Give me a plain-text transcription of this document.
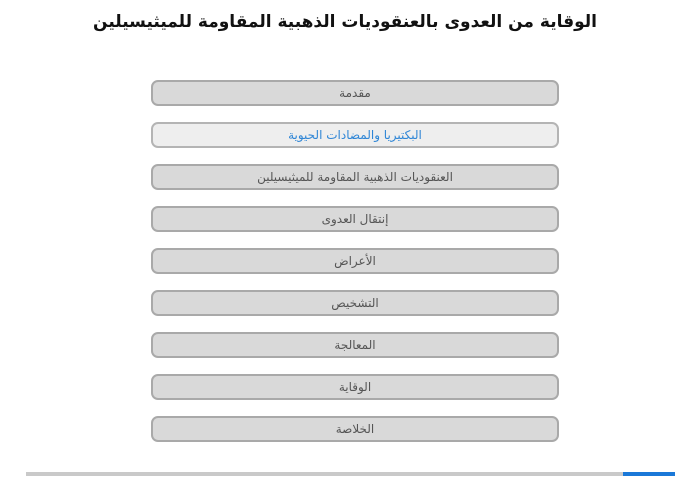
الوقاية من العدوى بالعنقوديات الذهبية المقاومة للميثيسيلين
مقدمة
البكتيريا والمضادات الحيوية
العنقوديات الذهبية المقاومة للميثيسيلين
إنتقال العدوى
الأعراض
التشخيص
المعالجة
الوقاية
الخلاصة
